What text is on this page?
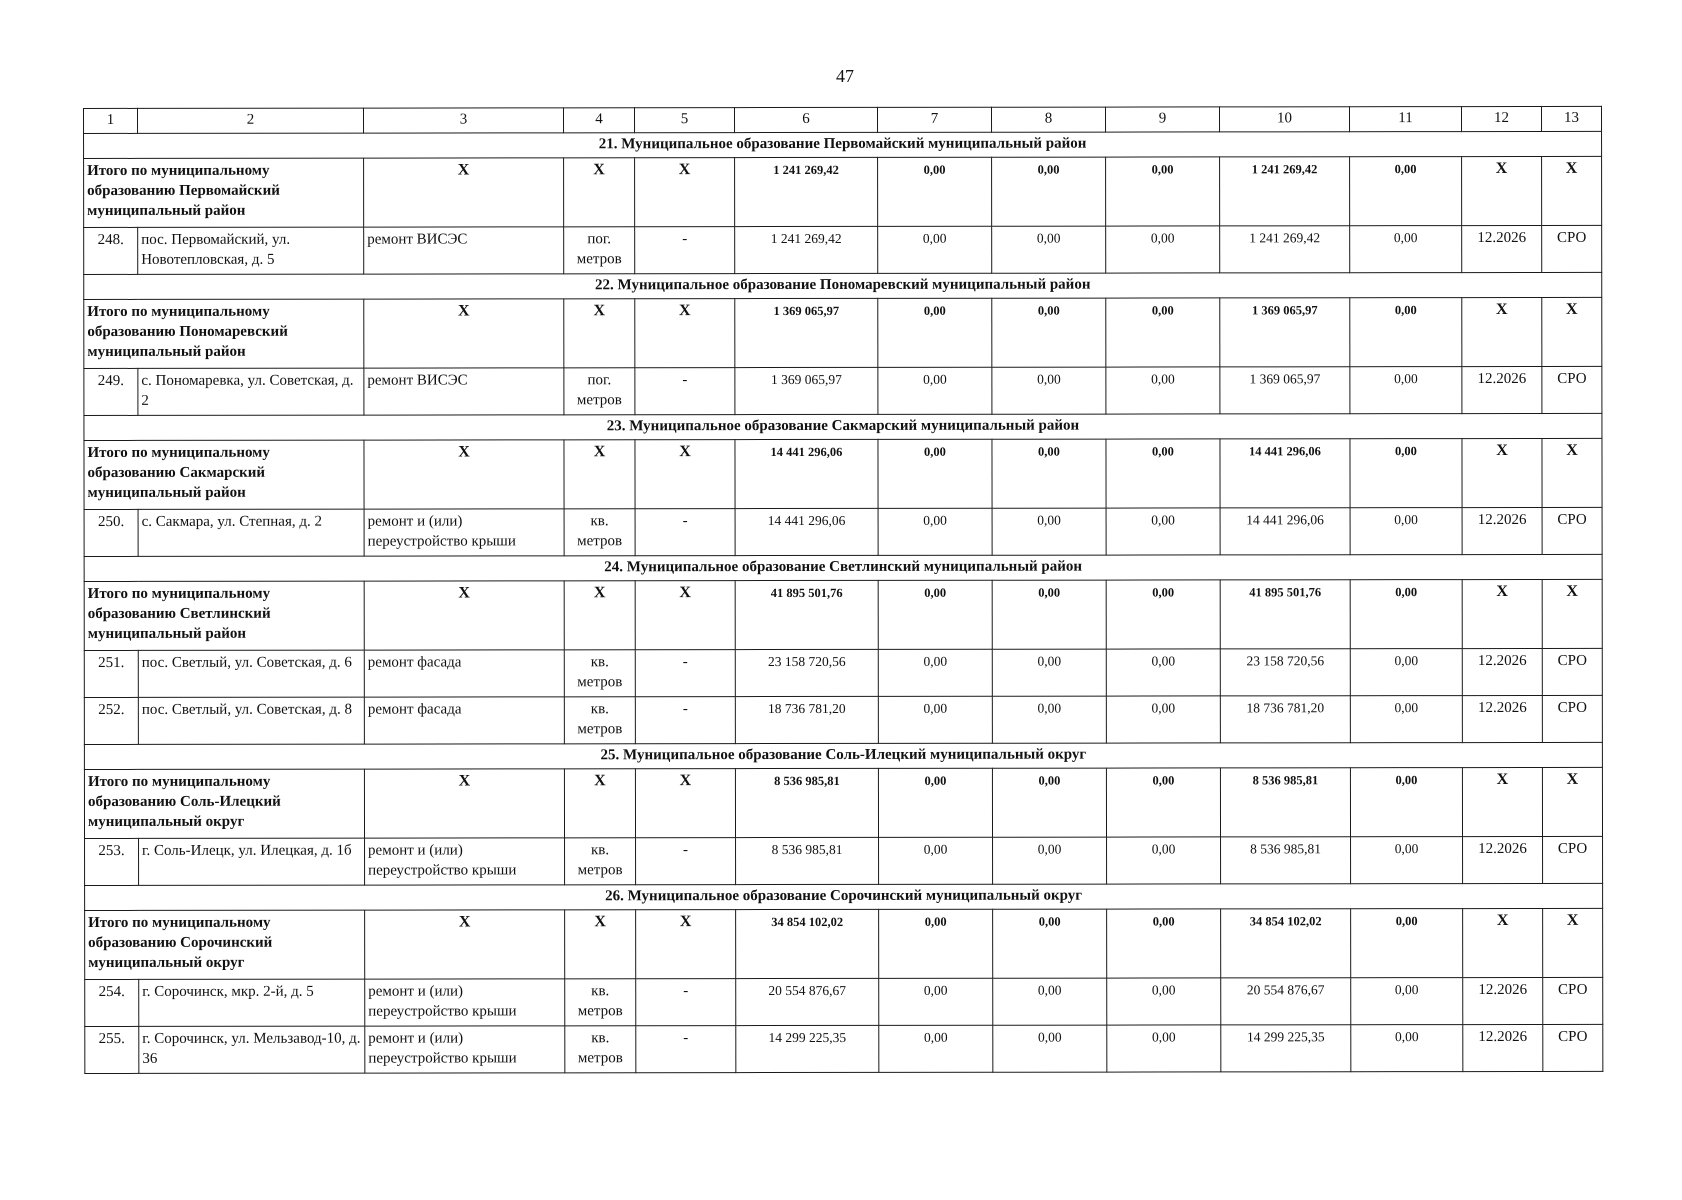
47
1	2	3	4	5	6	7	8	9	10	11	12	13
21. Муниципальное образование Первомайский муниципальный район												
Итого по муниципальному образованию Первомайский муниципальный район		Х	Х	Х	1 241 269,42	0,00	0,00	0,00	1 241 269,42	0,00	Х	Х
248.	пос. Первомайский, ул. Новотепловская, д. 5	ремонт ВИСЭС	пог. метров	-	1 241 269,42	0,00	0,00	0,00	1 241 269,42	0,00	12.2026	СРО
22. Муниципальное образование Пономаревский муниципальный район												
Итого по муниципальному образованию Пономаревский муниципальный район		Х	Х	Х	1 369 065,97	0,00	0,00	0,00	1 369 065,97	0,00	Х	Х
249.	с. Пономаревка, ул. Советская, д. 2	ремонт ВИСЭС	пог. метров	-	1 369 065,97	0,00	0,00	0,00	1 369 065,97	0,00	12.2026	СРО
23. Муниципальное образование Сакмарский муниципальный район												
Итого по муниципальному образованию Сакмарский муниципальный район		Х	Х	Х	14 441 296,06	0,00	0,00	0,00	14 441 296,06	0,00	Х	Х
250.	с. Сакмара, ул. Степная, д. 2	ремонт и (или) переустройство крыши	кв. метров	-	14 441 296,06	0,00	0,00	0,00	14 441 296,06	0,00	12.2026	СРО
24. Муниципальное образование Светлинский муниципальный район												
Итого по муниципальному образованию Светлинский муниципальный район		Х	Х	Х	41 895 501,76	0,00	0,00	0,00	41 895 501,76	0,00	Х	Х
251.	пос. Светлый, ул. Советская, д. 6	ремонт фасада	кв. метров	-	23 158 720,56	0,00	0,00	0,00	23 158 720,56	0,00	12.2026	СРО
252.	пос. Светлый, ул. Советская, д. 8	ремонт фасада	кв. метров	-	18 736 781,20	0,00	0,00	0,00	18 736 781,20	0,00	12.2026	СРО
25. Муниципальное образование Соль-Илецкий муниципальный округ												
Итого по муниципальному образованию Соль-Илецкий муниципальный округ		Х	Х	Х	8 536 985,81	0,00	0,00	0,00	8 536 985,81	0,00	Х	Х
253.	г. Соль-Илецк, ул. Илецкая, д. 1б	ремонт и (или) переустройство крыши	кв. метров	-	8 536 985,81	0,00	0,00	0,00	8 536 985,81	0,00	12.2026	СРО
26. Муниципальное образование Сорочинский муниципальный округ												
Итого по муниципальному образованию Сорочинский муниципальный округ		Х	Х	Х	34 854 102,02	0,00	0,00	0,00	34 854 102,02	0,00	Х	Х
254.	г. Сорочинск, мкр. 2-й, д. 5	ремонт и (или) переустройство крыши	кв. метров	-	20 554 876,67	0,00	0,00	0,00	20 554 876,67	0,00	12.2026	СРО
255.	г. Сорочинск, ул. Мельзавод-10, д. 36	ремонт и (или) переустройство крыши	кв. метров	-	14 299 225,35	0,00	0,00	0,00	14 299 225,35	0,00	12.2026	СРО
